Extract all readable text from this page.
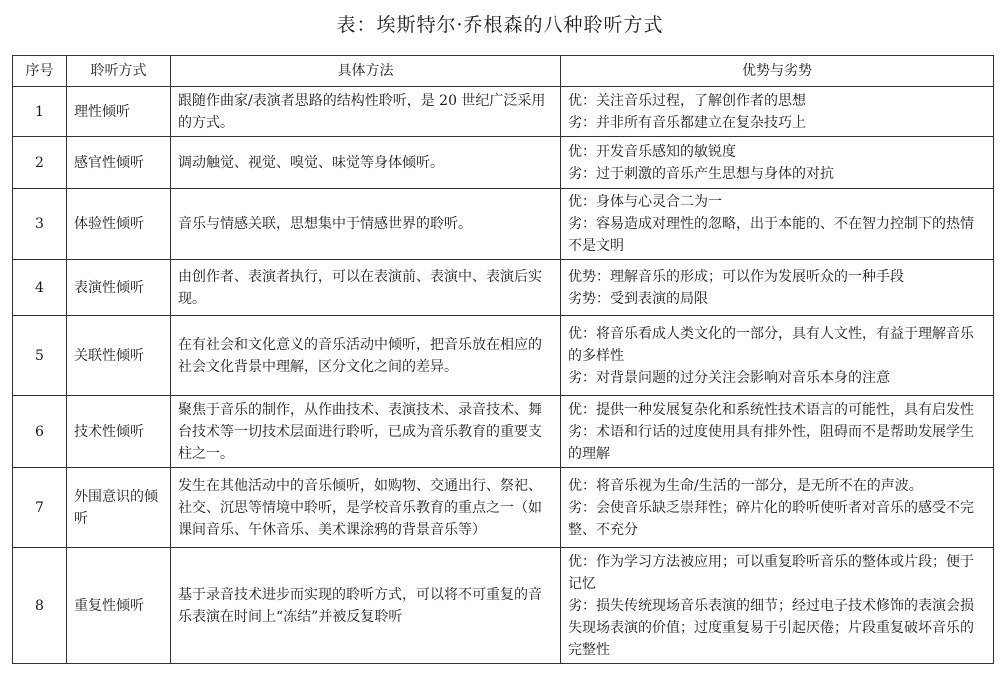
表：埃斯特尔·乔根森的八种聆听方式
序号	聆听方式	具体方法	优势与劣势
1	理性倾听	跟随作曲家/表演者思路的结构性聆听，是 20 世纪广泛采用的方式。	优：关注音乐过程，了解创作者的思想
劣：并非所有音乐都建立在复杂技巧上

2	感官性倾听	调动触觉、视觉、嗅觉、味觉等身体倾听。	优：开发音乐感知的敏锐度
劣：过于刺激的音乐产生思想与身体的对抗

3	体验性倾听	音乐与情感关联，思想集中于情感世界的聆听。	优：身体与心灵合二为一
劣：容易造成对理性的忽略，出于本能的、不在智力控制下的热情不是文明

4	表演性倾听	由创作者、表演者执行，可以在表演前、表演中、表演后实现。	优势：理解音乐的形成；可以作为发展听众的一种手段
劣势：受到表演的局限

5	关联性倾听	在有社会和文化意义的音乐活动中倾听，把音乐放在相应的社会文化背景中理解，区分文化之间的差异。	优：将音乐看成人类文化的一部分，具有人文性，有益于理解音乐的多样性
劣：对背景问题的过分关注会影响对音乐本身的注意

6	技术性倾听	聚焦于音乐的制作，从作曲技术、表演技术、录音技术、舞台技术等一切技术层面进行聆听，已成为音乐教育的重要支柱之一。	优：提供一种发展复杂化和系统性技术语言的可能性，具有启发性
劣：术语和行话的过度使用具有排外性，阻碍而不是帮助发展学生的理解

7	外围意识的倾听	发生在其他活动中的音乐倾听，如购物、交通出行、祭祀、社交、沉思等情境中聆听，是学校音乐教育的重点之一（如课间音乐、午休音乐、美术课涂鸦的背景音乐等）	优：将音乐视为生命/生活的一部分，是无所不在的声波。
劣：会使音乐缺乏崇拜性；碎片化的聆听使听者对音乐的感受不完整、不充分

8	重复性倾听	基于录音技术进步而实现的聆听方式，可以将不可重复的音乐表演在时间上“冻结”并被反复聆听	优：作为学习方法被应用；可以重复聆听音乐的整体或片段；便于记忆
劣：损失传统现场音乐表演的细节；经过电子技术修饰的表演会损失现场表演的价值；过度重复易于引起厌倦；片段重复破坏音乐的完整性
